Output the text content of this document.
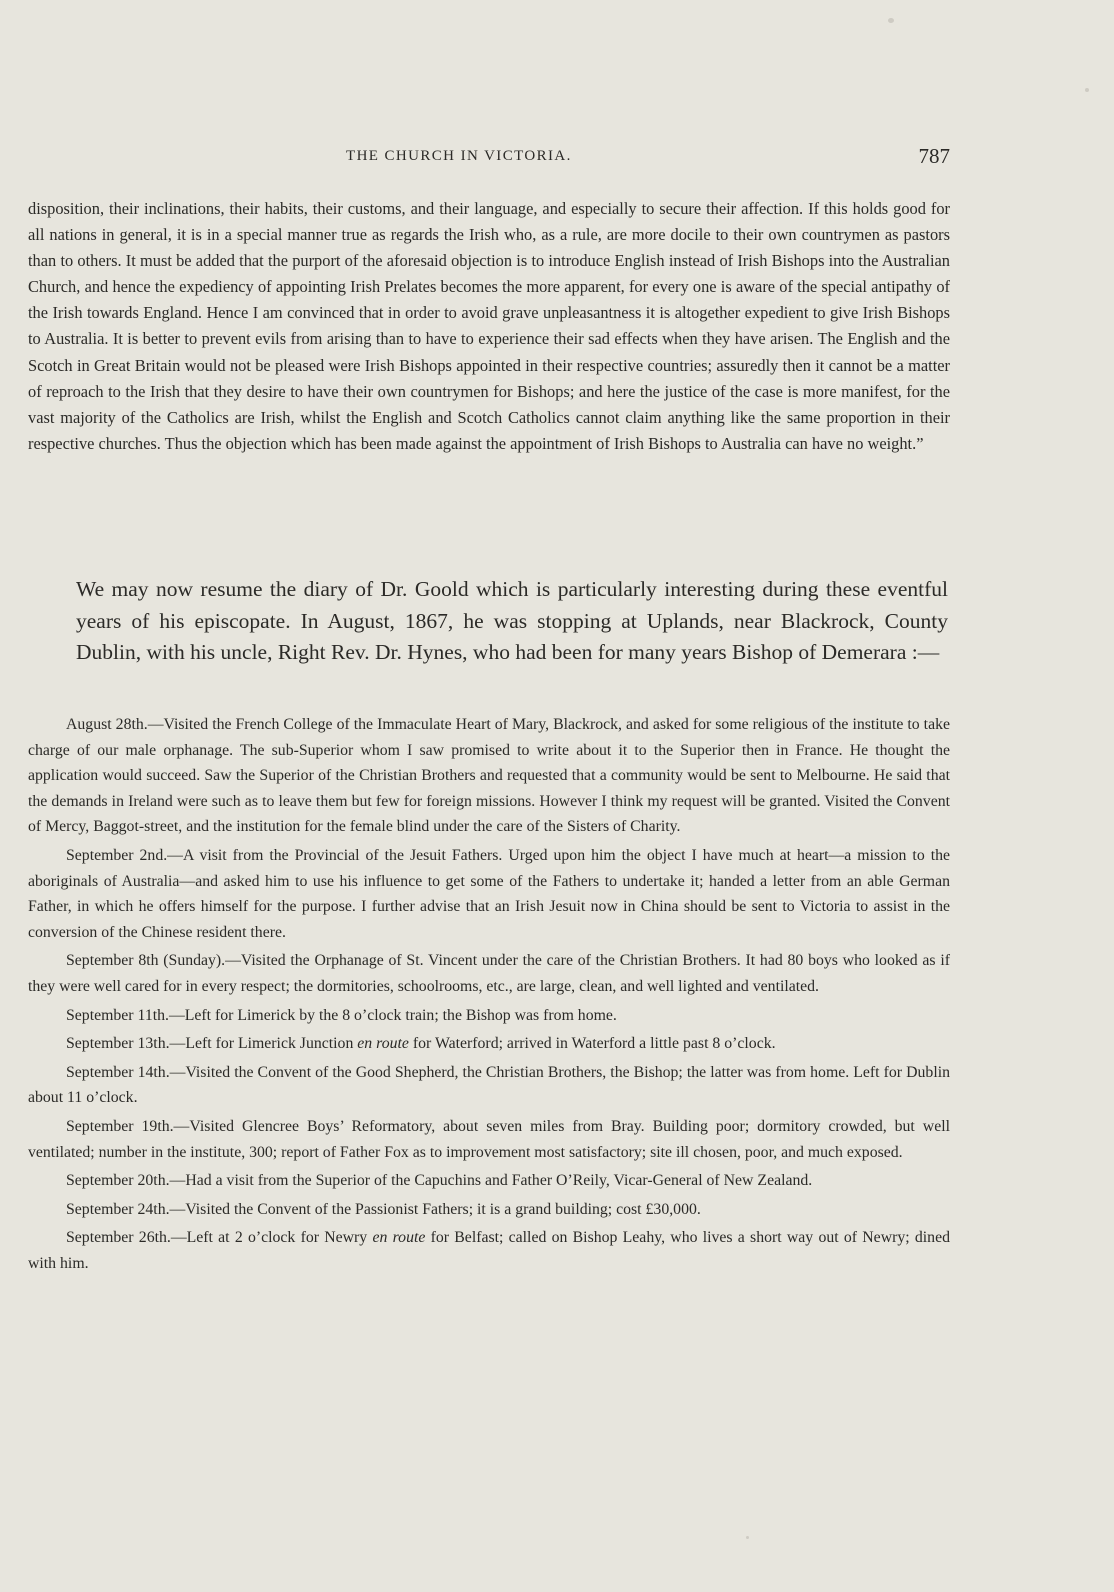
THE CHURCH IN VICTORIA.	787

disposition, their inclinations, their habits, their customs, and their language, and especially to secure their affection. If this holds good for all nations in general, it is in a special manner true as regards the Irish who, as a rule, are more docile to their own countrymen as pastors than to others. It must be added that the purport of the aforesaid objection is to introduce English instead of Irish Bishops into the Australian Church, and hence the expediency of appointing Irish Prelates becomes the more apparent, for every one is aware of the special antipathy of the Irish towards England. Hence I am convinced that in order to avoid grave unpleasantness it is altogether expedient to give Irish Bishops to Australia. It is better to prevent evils from arising than to have to experience their sad effects when they have arisen. The English and the Scotch in Great Britain would not be pleased were Irish Bishops appointed in their respective countries; assuredly then it cannot be a matter of reproach to the Irish that they desire to have their own countrymen for Bishops; and here the justice of the case is more manifest, for the vast majority of the Catholics are Irish, whilst the English and Scotch Catholics cannot claim anything like the same proportion in their respective churches. Thus the objection which has been made against the appointment of Irish Bishops to Australia can have no weight.”

We may now resume the diary of Dr. Goold which is particularly interesting during these eventful years of his episcopate. In August, 1867, he was stopping at Uplands, near Blackrock, County Dublin, with his uncle, Right Rev. Dr. Hynes, who had been for many years Bishop of Demerara :—

August 28th.—Visited the French College of the Immaculate Heart of Mary, Blackrock, and asked for some religious of the institute to take charge of our male orphanage. The sub-Superior whom I saw promised to write about it to the Superior then in France. He thought the application would succeed. Saw the Superior of the Christian Brothers and requested that a community would be sent to Melbourne. He said that the demands in Ireland were such as to leave them but few for foreign missions. However I think my request will be granted. Visited the Convent of Mercy, Baggot-street, and the institution for the female blind under the care of the Sisters of Charity.

September 2nd.—A visit from the Provincial of the Jesuit Fathers. Urged upon him the object I have much at heart—a mission to the aboriginals of Australia—and asked him to use his influence to get some of the Fathers to undertake it; handed a letter from an able German Father, in which he offers himself for the purpose. I further advise that an Irish Jesuit now in China should be sent to Victoria to assist in the conversion of the Chinese resident there.

September 8th (Sunday).—Visited the Orphanage of St. Vincent under the care of the Christian Brothers. It had 80 boys who looked as if they were well cared for in every respect; the dormitories, schoolrooms, etc., are large, clean, and well lighted and ventilated.

September 11th.—Left for Limerick by the 8 o’clock train; the Bishop was from home.

September 13th.—Left for Limerick Junction en route for Waterford; arrived in Waterford a little past 8 o’clock.

September 14th.—Visited the Convent of the Good Shepherd, the Christian Brothers, the Bishop; the latter was from home. Left for Dublin about 11 o’clock.

September 19th.—Visited Glencree Boys’ Reformatory, about seven miles from Bray. Building poor; dormitory crowded, but well ventilated; number in the institute, 300; report of Father Fox as to improvement most satisfactory; site ill chosen, poor, and much exposed.

September 20th.—Had a visit from the Superior of the Capuchins and Father O’Reily, Vicar-General of New Zealand.

September 24th.—Visited the Convent of the Passionist Fathers; it is a grand building; cost £30,000.

September 26th.—Left at 2 o’clock for Newry en route for Belfast; called on Bishop Leahy, who lives a short way out of Newry; dined with him.
